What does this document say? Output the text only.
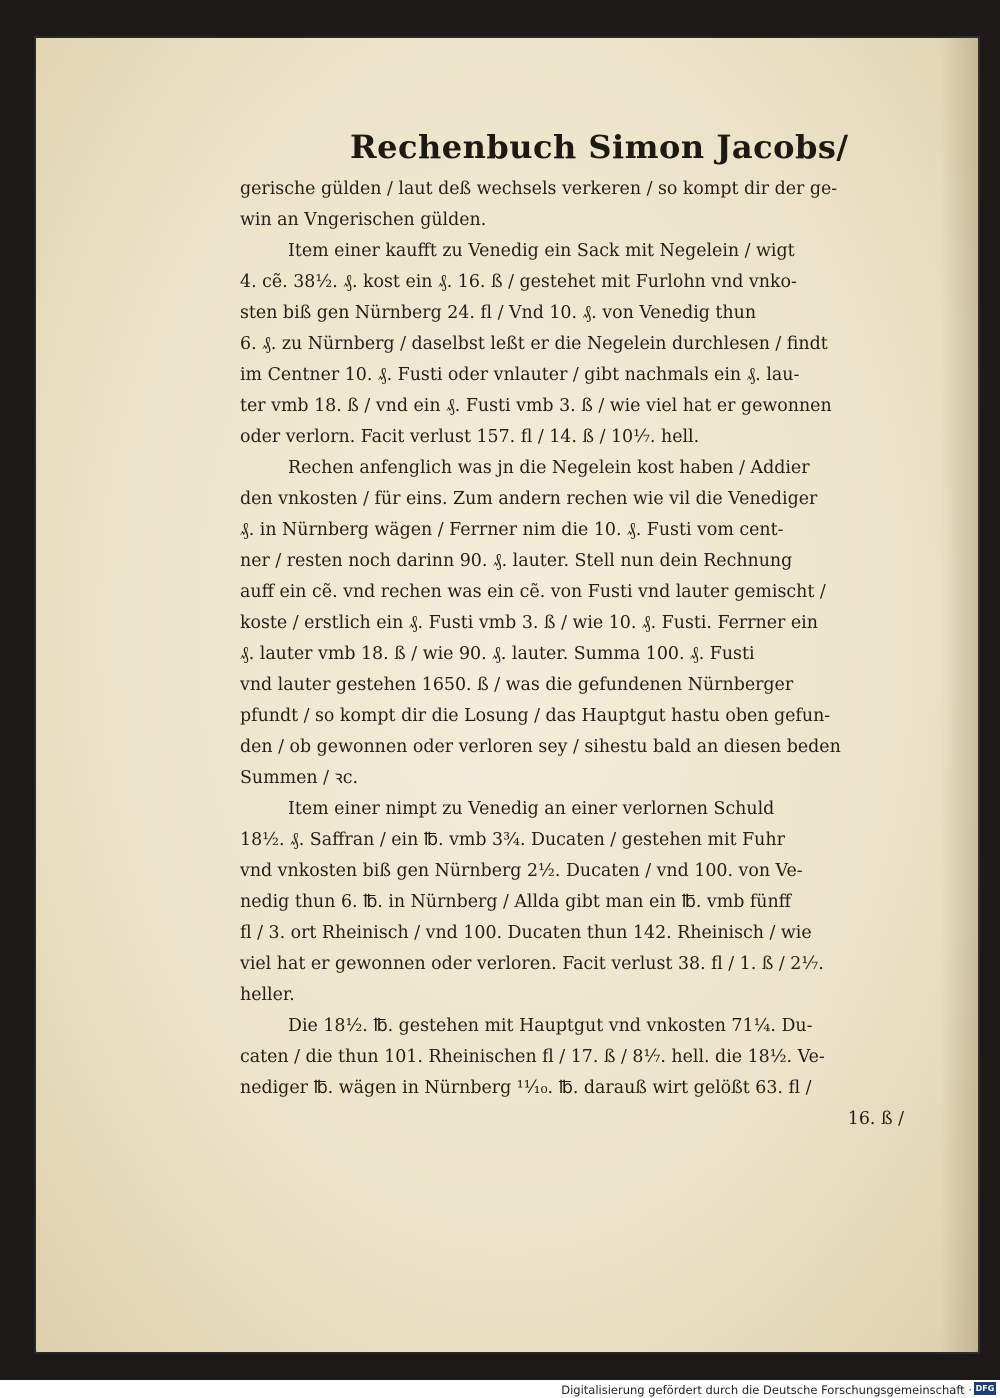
Rechenbuch Simon Jacobs/
gerische gülden / laut deß wechsels verkeren / so kompt dir der ge-
win an Vngerischen gülden.
Item einer kaufft zu Venedig ein Sack mit Negelein / wigt
4. cẽ. 38½. ₰. kost ein ₰. 16. ß / gestehet mit Furlohn vnd vnko-
sten biß gen Nürnberg 24. fl / Vnd 10. ₰. von Venedig thun
6. ₰. zu Nürnberg / daselbst leßt er die Negelein durchlesen / findt
im Centner 10. ₰. Fusti oder vnlauter / gibt nachmals ein ₰. lau-
ter vmb 18. ß / vnd ein ₰. Fusti vmb 3. ß / wie viel hat er gewonnen
oder verlorn. Facit verlust 157. fl / 14. ß / 10⅐. hell.
Rechen anfenglich was jn die Negelein kost haben / Addier
den vnkosten / für eins. Zum andern rechen wie vil die Venediger
₰. in Nürnberg wägen / Ferrner nim die 10. ₰. Fusti vom cent-
ner / resten noch darinn 90. ₰. lauter. Stell nun dein Rechnung
auff ein cẽ. vnd rechen was ein cẽ. von Fusti vnd lauter gemischt /
koste / erstlich ein ₰. Fusti vmb 3. ß / wie 10. ₰. Fusti. Ferrner ein
₰. lauter vmb 18. ß / wie 90. ₰. lauter. Summa 100. ₰. Fusti
vnd lauter gestehen 1650. ß / was die gefundenen Nürnberger
pfundt / so kompt dir die Losung / das Hauptgut hastu oben gefun-
den / ob gewonnen oder verloren sey / sihestu bald an diesen beden
Summen / ꝛc.
Item einer nimpt zu Venedig an einer verlornen Schuld
18½. ₰. Saffran / ein ℔. vmb 3¾. Ducaten / gestehen mit Fuhr
vnd vnkosten biß gen Nürnberg 2½. Ducaten / vnd 100. von Ve-
nedig thun 6. ℔. in Nürnberg / Allda gibt man ein ℔. vmb fünff
fl / 3. ort Rheinisch / vnd 100. Ducaten thun 142. Rheinisch / wie
viel hat er gewonnen oder verloren. Facit verlust 38. fl / 1. ß / 2⅐.
heller.
Die 18½. ℔. gestehen mit Hauptgut vnd vnkosten 71¼. Du-
caten / die thun 101. Rheinischen fl / 17. ß / 8⅐. hell. die 18½. Ve-
nediger ℔. wägen in Nürnberg ¹¹⁄₁₀. ℔. darauß wirt gelößt 63. fl /
16. ß /
Digitalisierung gefördert durch die Deutsche Forschungsgemeinschaft · DFG
